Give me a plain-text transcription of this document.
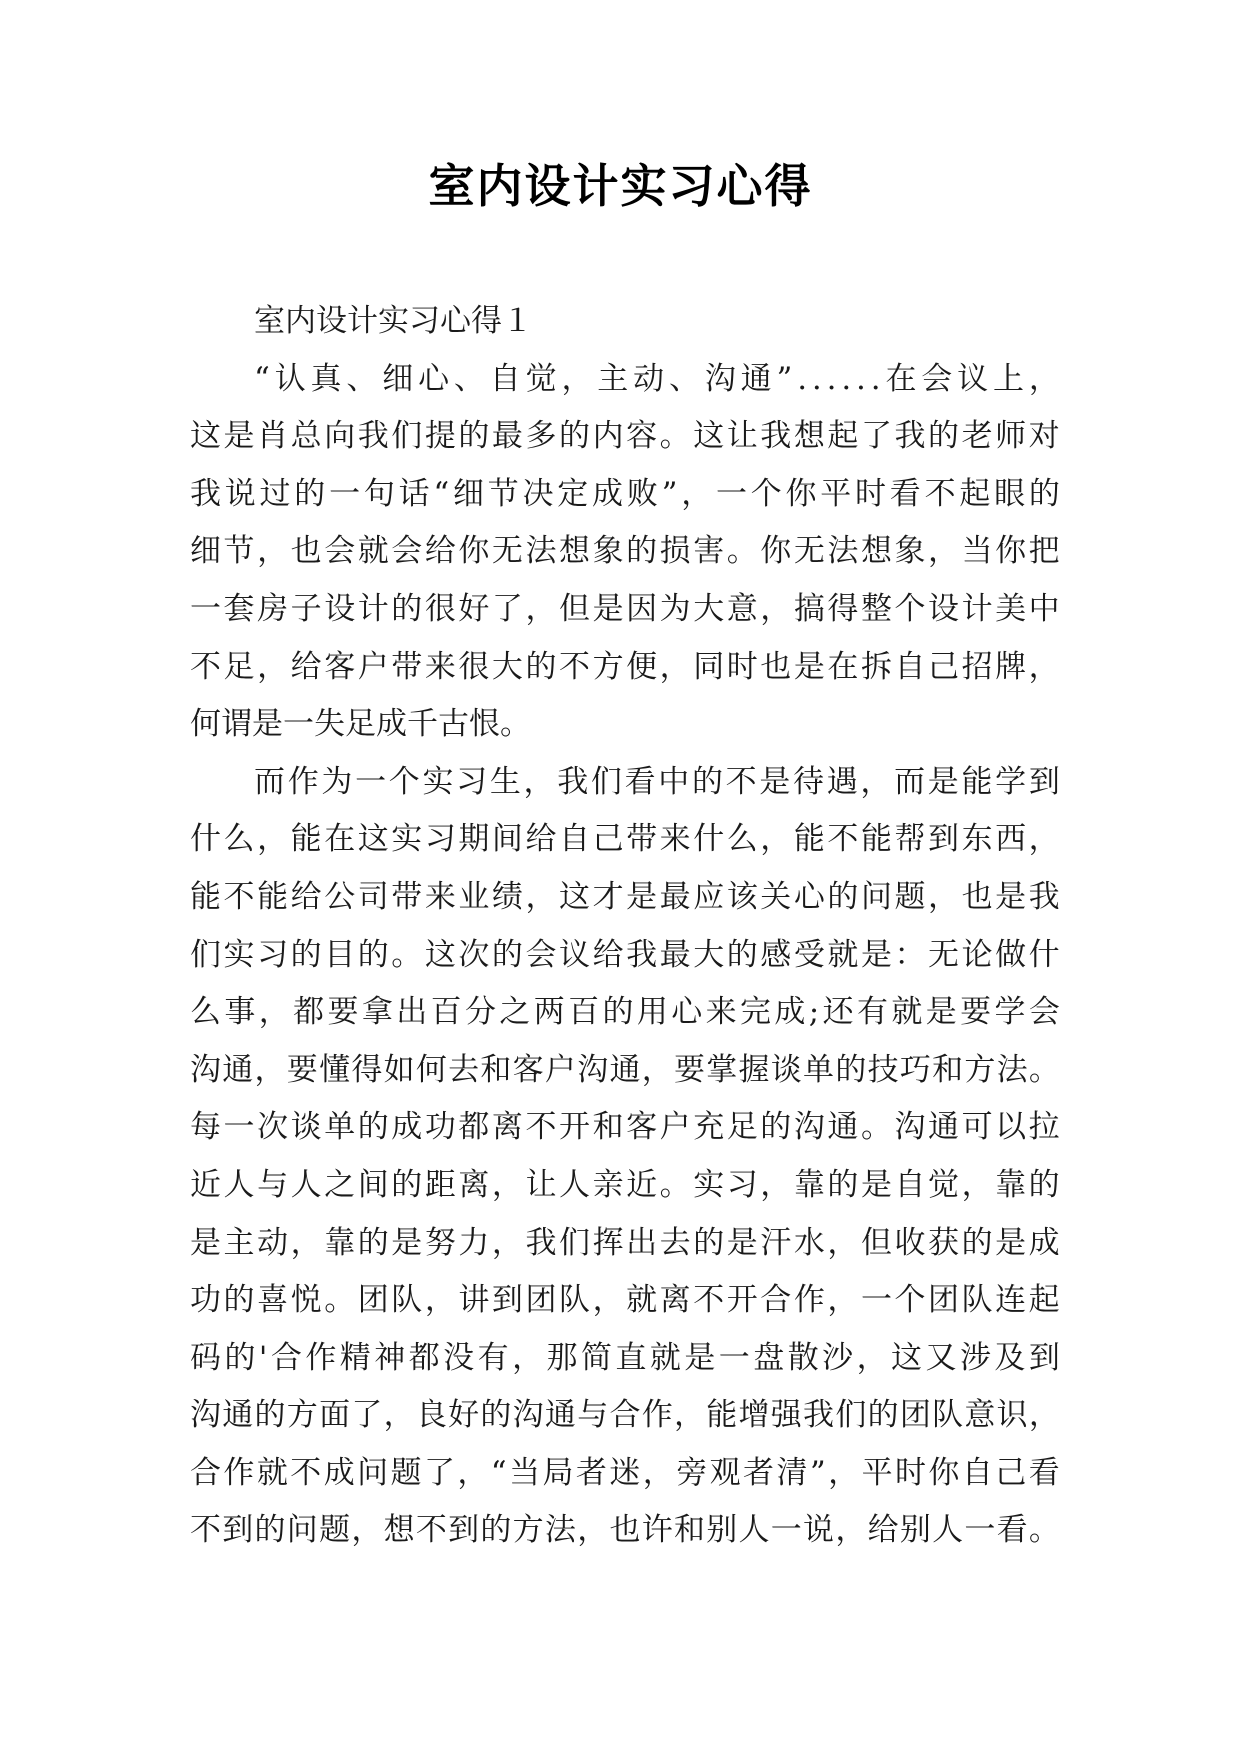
室内设计实习心得
室内设计实习心得１
“ 认 真 、 细 心 、 自 觉 ， 主 动 、 沟 通 ” . . . . . . 在 会 议 上 ，
这 是 肖 总 向 我 们 提 的 最 多 的 内 容 。 这 让 我 想 起 了 我 的 老 师 对
我 说 过 的 一 句 话 “ 细 节 决 定 成 败 ” ， 一 个 你 平 时 看 不 起 眼 的
细 节 ， 也 会 就 会 给 你 无 法 想 象 的 损 害 。 你 无 法 想 象 ， 当 你 把
一 套 房 子 设 计 的 很 好 了 ， 但 是 因 为 大 意 ， 搞 得 整 个 设 计 美 中
不 足 ， 给 客 户 带 来 很 大 的 不 方 便 ， 同 时 也 是 在 拆 自 己 招 牌 ，
何谓是一失足成千古恨。
而 作 为 一 个 实 习 生 ， 我 们 看 中 的 不 是 待 遇 ， 而 是 能 学 到
什 么 ， 能 在 这 实 习 期 间 给 自 己 带 来 什 么 ， 能 不 能 帮 到 东 西 ，
能 不 能 给 公 司 带 来 业 绩 ， 这 才 是 最 应 该 关 心 的 问 题 ， 也 是 我
们 实 习 的 目 的 。 这 次 的 会 议 给 我 最 大 的 感 受 就 是 ： 无 论 做 什
么 事 ， 都 要 拿 出 百 分 之 两 百 的 用 心 来 完 成 ; 还 有 就 是 要 学 会
沟 通 ， 要 懂 得 如 何 去 和 客 户 沟 通 ， 要 掌 握 谈 单 的 技 巧 和 方 法 。
每 一 次 谈 单 的 成 功 都 离 不 开 和 客 户 充 足 的 沟 通 。 沟 通 可 以 拉
近 人 与 人 之 间 的 距 离 ， 让 人 亲 近 。 实 习 ， 靠 的 是 自 觉 ， 靠 的
是 主 动 ， 靠 的 是 努 力 ， 我 们 挥 出 去 的 是 汗 水 ， 但 收 获 的 是 成
功 的 喜 悦 。 团 队 ， 讲 到 团 队 ， 就 离 不 开 合 作 ， 一 个 团 队 连 起
码 的 ' 合 作 精 神 都 没 有 ， 那 简 直 就 是 一 盘 散 沙 ， 这 又 涉 及 到
沟 通 的 方 面 了 ， 良 好 的 沟 通 与 合 作 ， 能 增 强 我 们 的 团 队 意 识 ，
合 作 就 不 成 问 题 了 ， “ 当 局 者 迷 ， 旁 观 者 清 ” ， 平 时 你 自 己 看
不 到 的 问 题 ， 想 不 到 的 方 法 ， 也 许 和 别 人 一 说 ， 给 别 人 一 看 。
